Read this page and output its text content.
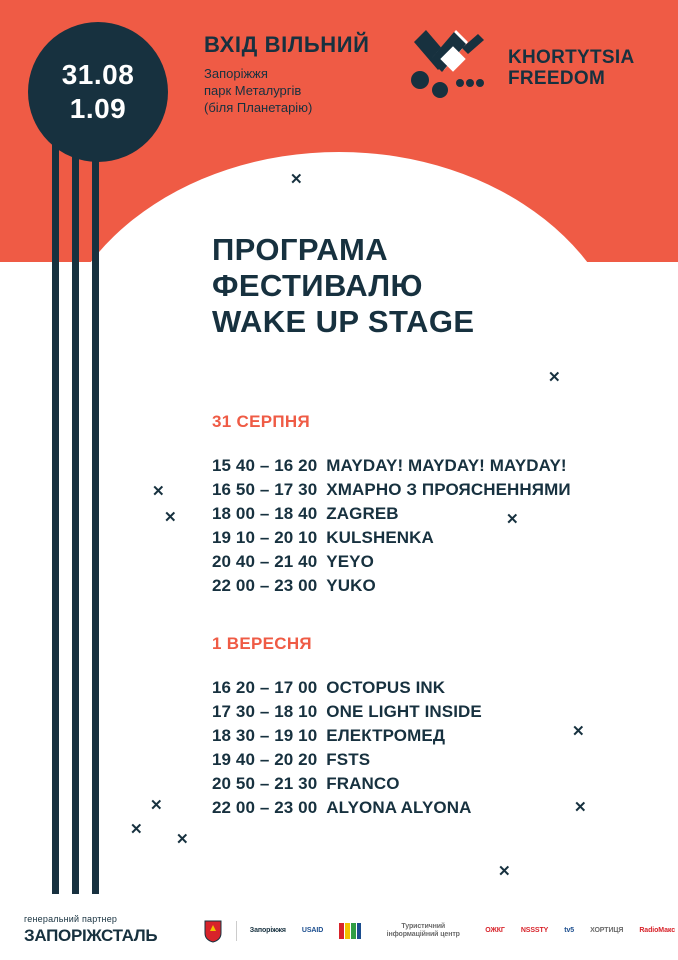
31.08
1.09
ВХІД ВІЛЬНИЙ
Запоріжжя
парк Металургів
(біля Планетарію)
KHORTYTSIA
FREEDOM
ПРОГРАМА
ФЕСТИВАЛЮ
WAKE UP STAGE
31 СЕРПНЯ
15 40 – 16 20 MAYDAY! MAYDAY! MAYDAY!
16 50 – 17 30 ХМАРНО З ПРОЯСНЕННЯМИ
18 00 – 18 40 ZAGREB
19 10 – 20 10 KULSHENKA
20 40 – 21 40 YEYO
22 00 – 23 00 YUKO
1 ВЕРЕСНЯ
16 20 – 17 00 OCTOPUS INK
17 30 – 18 10 ONE LIGHT INSIDE
18 30 – 19 10 ЕЛЕКТРОМЕД
19 40 – 20 20 FSTS
20 50 – 21 30 FRANCO
22 00 – 23 00 ALYONA ALYONA
✕
✕
✕
✕	✕
✕
✕
✕
✕
✕
✕
генеральний партнер
ЗАПОРІЖСТАЛЬ	Запоріжжя	USAID
Туристичний інформаційний центр
ОЖКГ	NSSSTY	tv5	ХОРТИЦЯ	RadioМакс
